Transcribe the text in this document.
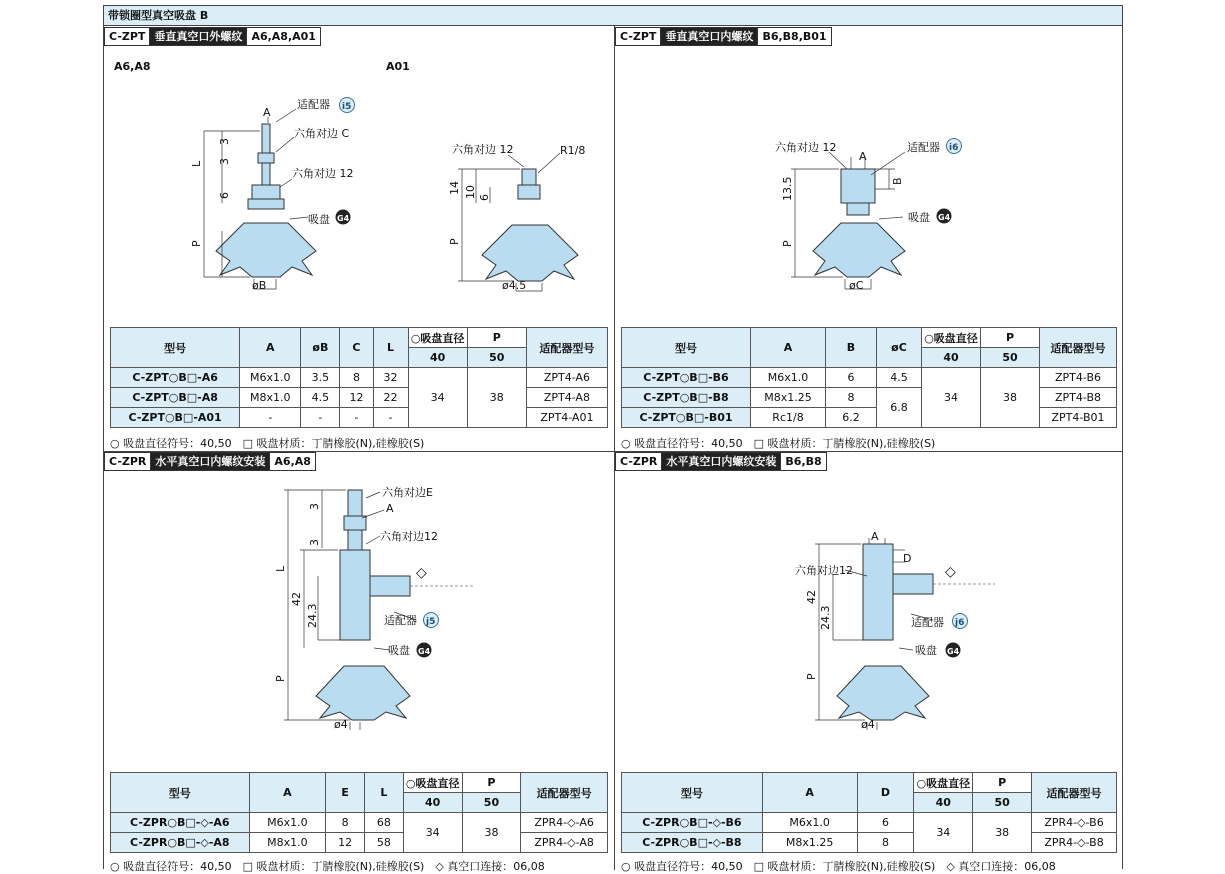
带锁圈型真空吸盘 B
C-ZPT 垂直真空口外螺纹 A6,A8,A01
A6,A8	A01
A
适配器
六角对边 C
六角对边 12
吸盘
L
P
3
3
6
øB
i5
G4
六角对边 12	R1/8
14 10 6
P
ø4.5
型号	A	øB	C	L	○吸盘直径	P	适配器型号
					40	50	
C-ZPT○B□-A6	M6x1.0	3.5	8	32	34	38	ZPT4-A6
C-ZPT○B□-A8	M8x1.0	4.5	12	22			ZPT4-A8
C-ZPT○B□-A01	-	-	-	-			ZPT4-A01
○ 吸盘直径符号：40,50　□ 吸盘材质：丁腈橡胶(N),硅橡胶(S)
C-ZPT 垂直真空口内螺纹 B6,B8,B01
六角对边 12
A
适配器
B
吸盘
13.5
P
øC
i6
G4
型号	A	B	øC	○吸盘直径	P	适配器型号
				40	50	
C-ZPT○B□-B6	M6x1.0	6	4.5	34	38	ZPT4-B6
C-ZPT○B□-B8	M8x1.25	8	6.8			ZPT4-B8
C-ZPT○B□-B01	Rc1/8	6.2				ZPT4-B01
○ 吸盘直径符号：40,50　□ 吸盘材质：丁腈橡胶(N),硅橡胶(S)
C-ZPR 水平真空口内螺纹安装 A6,A8
六角对边E
A
六角对边12
◇
适配器
吸盘
3
3
L
42
24.3
P
ø4
j5
G4
型号	A	E	L	○吸盘直径	P	适配器型号
				40	50	
C-ZPR○B□-◇-A6	M6x1.0	8	68	34	38	ZPR4-◇-A6
C-ZPR○B□-◇-A8	M8x1.0	12	58			ZPR4-◇-A8
○ 吸盘直径符号：40,50　□ 吸盘材质：丁腈橡胶(N),硅橡胶(S)　◇ 真空口连接：06,08
C-ZPR 水平真空口内螺纹安装 B6,B8
A
D
六角对边12	◇
适配器
吸盘
42
24.3
P
ø4
j6
G4
型号	A	D	○吸盘直径	P	适配器型号
			40	50	
C-ZPR○B□-◇-B6	M6x1.0	6	34	38	ZPR4-◇-B6
C-ZPR○B□-◇-B8	M8x1.25	8			ZPR4-◇-B8
○ 吸盘直径符号：40,50　□ 吸盘材质：丁腈橡胶(N),硅橡胶(S)　◇ 真空口连接：06,08
